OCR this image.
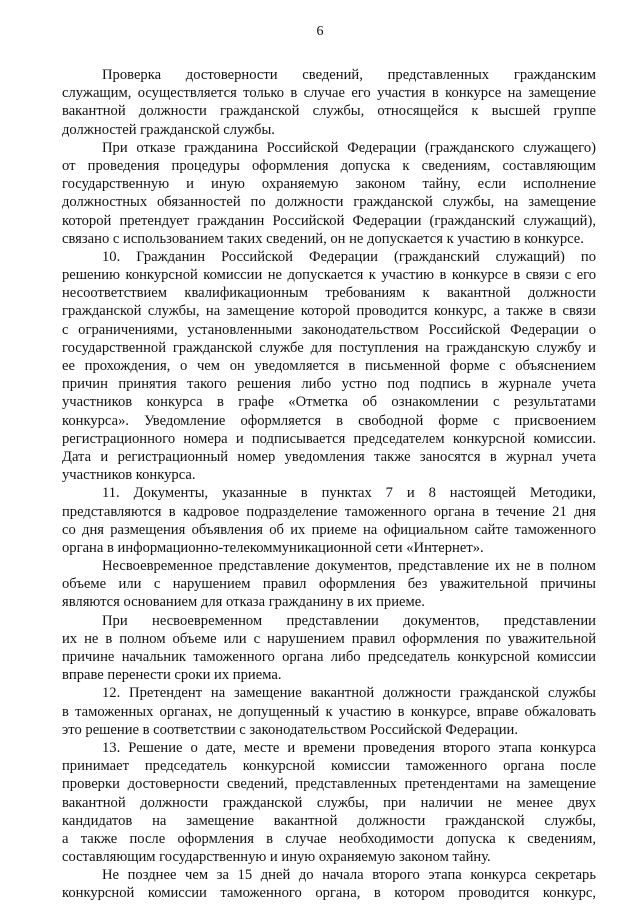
6
Проверка достоверности сведений, представленных гражданским
служащим, осуществляется только в случае его участия в конкурсе на замещение
вакантной должности гражданской службы, относящейся к высшей группе
должностей гражданской службы.
При отказе гражданина Российской Федерации (гражданского служащего)
от проведения процедуры оформления допуска к сведениям, составляющим
государственную и иную охраняемую законом тайну, если исполнение
должностных обязанностей по должности гражданской службы, на замещение
которой претендует гражданин Российской Федерации (гражданский служащий),
связано с использованием таких сведений, он не допускается к участию в конкурсе.
10. Гражданин Российской Федерации (гражданский служащий) по
решению конкурсной комиссии не допускается к участию в конкурсе в связи с его
несоответствием квалификационным требованиям к вакантной должности
гражданской службы, на замещение которой проводится конкурс, а также в связи
с ограничениями, установленными законодательством Российской Федерации о
государственной гражданской службе для поступления на гражданскую службу и
ее прохождения, о чем он уведомляется в письменной форме с объяснением
причин принятия такого решения либо устно под подпись в журнале учета
участников конкурса в графе «Отметка об ознакомлении с результатами
конкурса». Уведомление оформляется в свободной форме с присвоением
регистрационного номера и подписывается председателем конкурсной комиссии.
Дата и регистрационный номер уведомления также заносятся в журнал учета
участников конкурса.
11. Документы, указанные в пунктах 7 и 8 настоящей Методики,
представляются в кадровое подразделение таможенного органа в течение 21 дня
со дня размещения объявления об их приеме на официальном сайте таможенного
органа в информационно-телекоммуникационной сети «Интернет».
Несвоевременное представление документов, представление их не в полном
объеме или с нарушением правил оформления без уважительной причины
являются основанием для отказа гражданину в их приеме.
При несвоевременном представлении документов, представлении
их не в полном объеме или с нарушением правил оформления по уважительной
причине начальник таможенного органа либо председатель конкурсной комиссии
вправе перенести сроки их приема.
12. Претендент на замещение вакантной должности гражданской службы
в таможенных органах, не допущенный к участию в конкурсе, вправе обжаловать
это решение в соответствии с законодательством Российской Федерации.
13. Решение о дате, месте и времени проведения второго этапа конкурса
принимает председатель конкурсной комиссии таможенного органа после
проверки достоверности сведений, представленных претендентами на замещение
вакантной должности гражданской службы, при наличии не менее двух
кандидатов на замещение вакантной должности гражданской службы,
а также после оформления в случае необходимости допуска к сведениям,
составляющим государственную и иную охраняемую законом тайну.
Не позднее чем за 15 дней до начала второго этапа конкурса секретарь
конкурсной комиссии таможенного органа, в котором проводится конкурс,
